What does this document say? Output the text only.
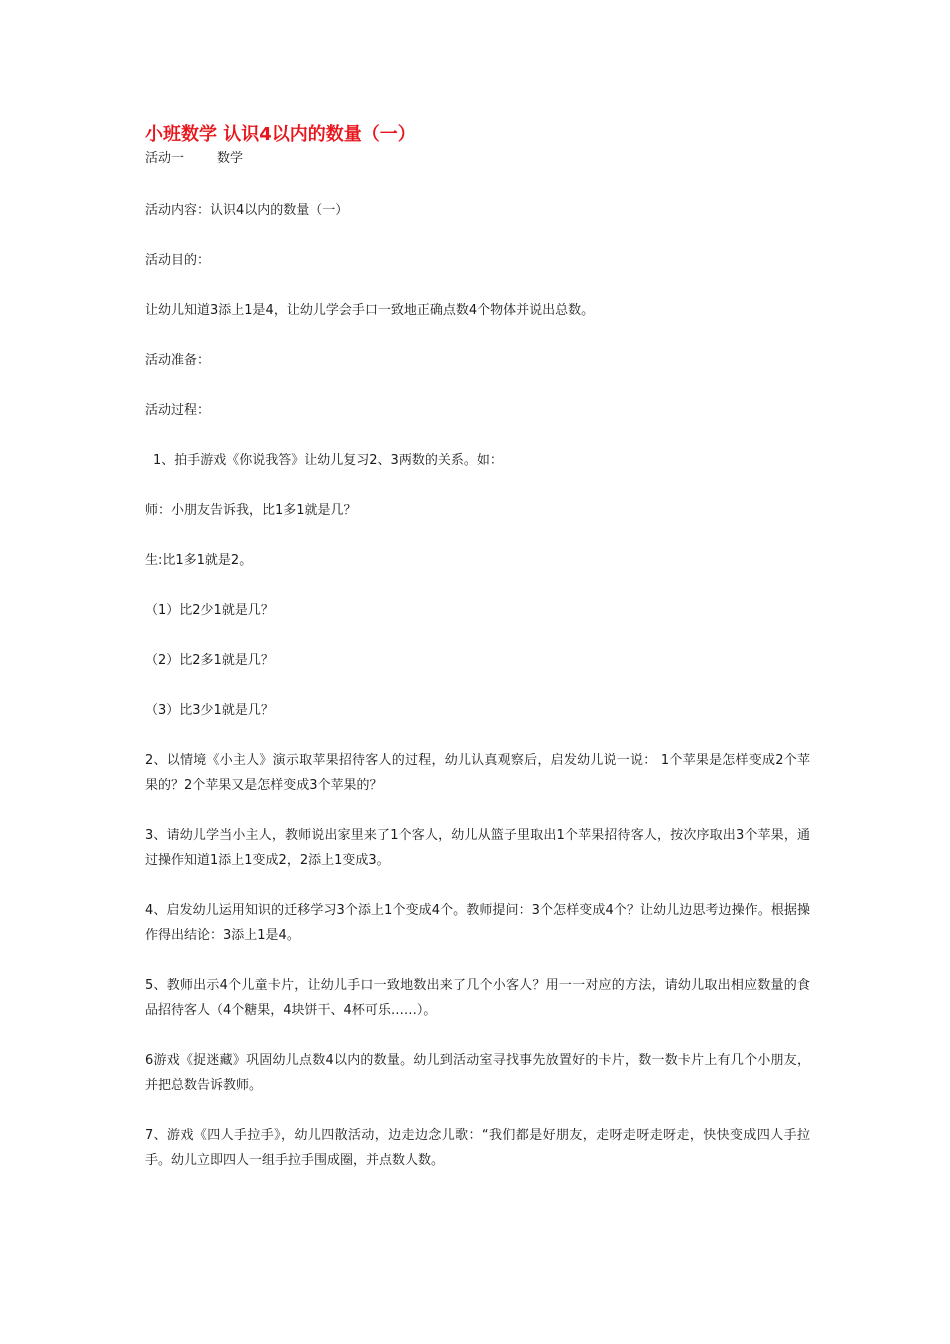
小班数学 认识4以内的数量（一）
活动一        数学

活动内容：认识4以内的数量（一）

活动目的：

让幼儿知道3添上1是4，让幼儿学会手口一致地正确点数4个物体并说出总数。

活动准备：

活动过程：

1、拍手游戏《你说我答》让幼儿复习2、3两数的关系。如：

师：小朋友告诉我，比1多1就是几？

生:比1多1就是2。

（1）比2少1就是几？

（2）比2多1就是几？

（3）比3少1就是几？

2、以情境《小主人》演示取苹果招待客人的过程，幼儿认真观察后，启发幼儿说一说： 1个苹果是怎样变成2个苹果的？2个苹果又是怎样变成3个苹果的？

3、请幼儿学当小主人，教师说出家里来了1个客人，幼儿从篮子里取出1个苹果招待客人，按次序取出3个苹果，通过操作知道1添上1变成2，2添上1变成3。

4、启发幼儿运用知识的迁移学习3个添上1个变成4个。教师提问：3个怎样变成4个？让幼儿边思考边操作。根据操作得出结论：3添上1是4。

5、教师出示4个儿童卡片，让幼儿手口一致地数出来了几个小客人？用一一对应的方法，请幼儿取出相应数量的食品招待客人（4个糖果，4块饼干、4杯可乐……）。

6游戏《捉迷藏》巩固幼儿点数4以内的数量。幼儿到活动室寻找事先放置好的卡片，数一数卡片上有几个小朋友，并把总数告诉教师。

7、游戏《四人手拉手》，幼儿四散活动，边走边念儿歌：“我们都是好朋友，走呀走呀走呀走，快快变成四人手拉手。幼儿立即四人一组手拉手围成圈，并点数人数。
